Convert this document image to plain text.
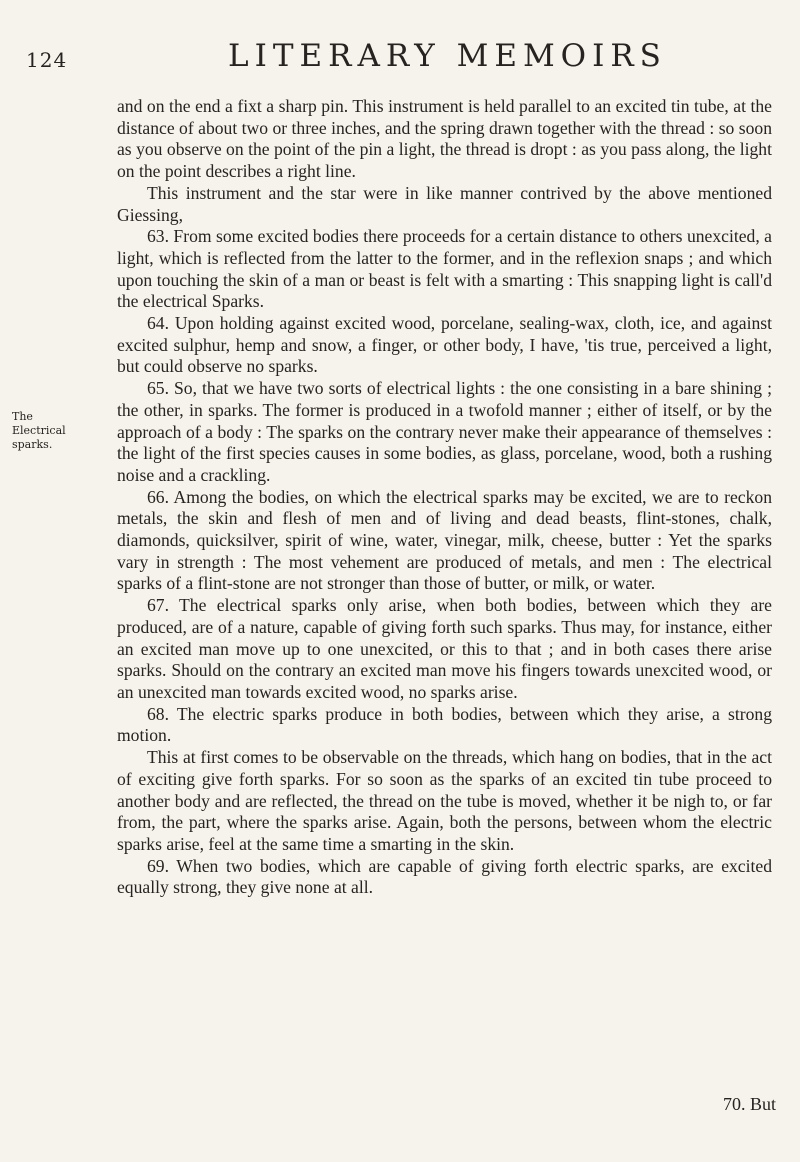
124	LITERARY MEMOIRS
The Electrical sparks.

and on the end a fixt a sharp pin. This instrument is held parallel to an excited tin tube, at the distance of about two or three inches, and the spring drawn together with the thread : so soon as you observe on the point of the pin a light, the thread is dropt : as you pass along, the light on the point describes a right line.

This instrument and the star were in like manner contrived by the above mentioned Giessing,

63. From some excited bodies there proceeds for a certain distance to others unexcited, a light, which is reflected from the latter to the former, and in the reflexion snaps ; and which upon touching the skin of a man or beast is felt with a smarting : This snapping light is call'd the electrical Sparks.

64. Upon holding against excited wood, porcelane, sealing-wax, cloth, ice, and against excited sulphur, hemp and snow, a finger, or other body, I have, 'tis true, perceived a light, but could observe no sparks.

65. So, that we have two sorts of electrical lights : the one consisting in a bare shining ; the other, in sparks. The former is produced in a twofold manner ; either of itself, or by the approach of a body : The sparks on the contrary never make their appearance of themselves : the light of the first species causes in some bodies, as glass, porcelane, wood, both a rushing noise and a crackling.

66. Among the bodies, on which the electrical sparks may be excited, we are to reckon metals, the skin and flesh of men and of living and dead beasts, flint-stones, chalk, diamonds, quicksilver, spirit of wine, water, vinegar, milk, cheese, butter : Yet the sparks vary in strength : The most vehement are produced of metals, and men : The electrical sparks of a flint-stone are not stronger than those of butter, or milk, or water.

67. The electrical sparks only arise, when both bodies, between which they are produced, are of a nature, capable of giving forth such sparks. Thus may, for instance, either an excited man move up to one unexcited, or this to that ; and in both cases there arise sparks. Should on the contrary an excited man move his fingers towards unexcited wood, or an unexcited man towards excited wood, no sparks arise.

68. The electric sparks produce in both bodies, between which they arise, a strong motion.

This at first comes to be observable on the threads, which hang on bodies, that in the act of exciting give forth sparks. For so soon as the sparks of an excited tin tube proceed to another body and are reflected, the thread on the tube is moved, whether it be nigh to, or far from, the part, where the sparks arise. Again, both the persons, between whom the electric sparks arise, feel at the same time a smarting in the skin.

69. When two bodies, which are capable of giving forth electric sparks, are excited equally strong, they give none at all.

70. But
